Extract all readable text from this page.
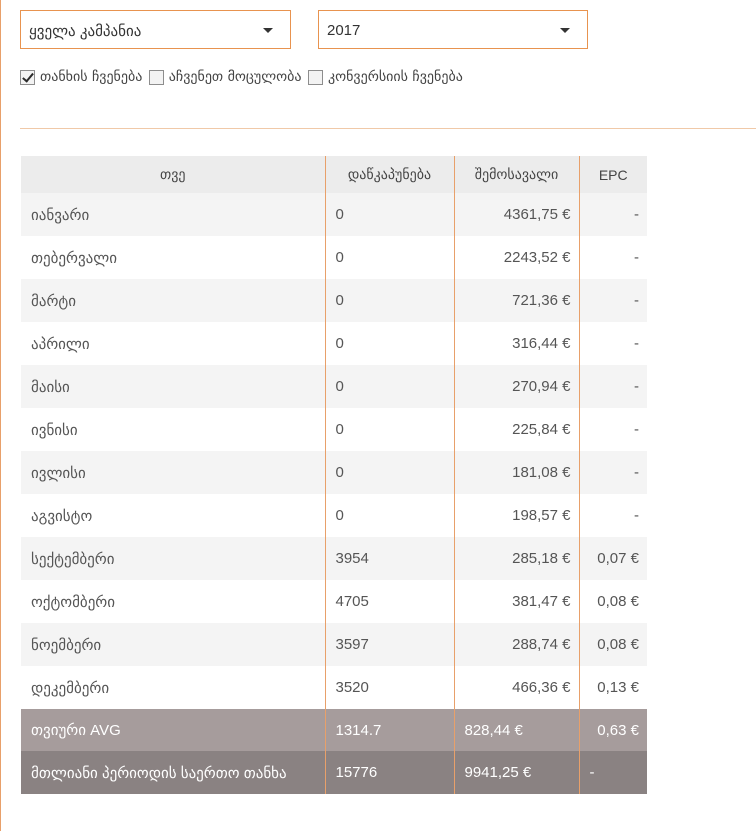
ყველა კამპანია	2017
თანხის ჩვენება
აჩვენეთ მოცულობა
კონვერსიის ჩვენება
თვე	დაწკაპუნება	შემოსავალი	EPC
იანვარი	0	4361,75 €	-
თებერვალი	0	2243,52 €	-
მარტი	0	721,36 €	-
აპრილი	0	316,44 €	-
მაისი	0	270,94 €	-
ივნისი	0	225,84 €	-
ივლისი	0	181,08 €	-
აგვისტო	0	198,57 €	-
სექტემბერი	3954	285,18 €	0,07 €
ოქტომბერი	4705	381,47 €	0,08 €
ნოემბერი	3597	288,74 €	0,08 €
დეკემბერი	3520	466,36 €	0,13 €
თვიური AVG	1314.7	828,44 €	0,63 €
მთლიანი პერიოდის საერთო თანხა	15776	9941,25 €	-
